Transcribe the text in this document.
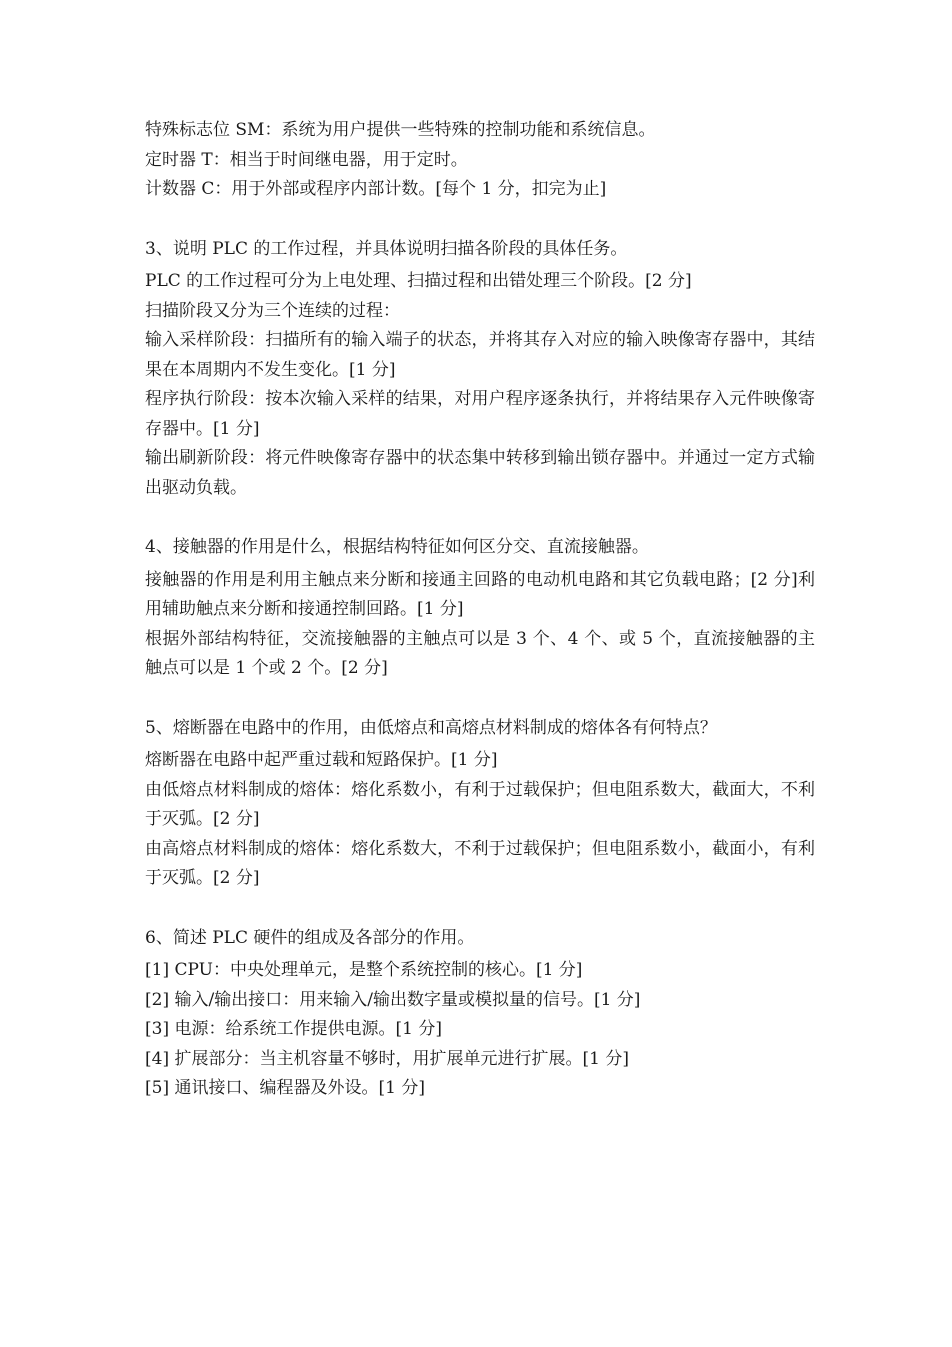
特殊标志位 SM：系统为用户提供一些特殊的控制功能和系统信息。

定时器 T：相当于时间继电器，用于定时。

计数器 C：用于外部或程序内部计数。[每个 1 分，扣完为止]

3、说明 PLC 的工作过程，并具体说明扫描各阶段的具体任务。

PLC 的工作过程可分为上电处理、扫描过程和出错处理三个阶段。[2 分]

扫描阶段又分为三个连续的过程：

输入采样阶段：扫描所有的输入端子的状态，并将其存入对应的输入映像寄存器中，其结果在本周期内不发生变化。[1 分]

程序执行阶段：按本次输入采样的结果，对用户程序逐条执行，并将结果存入元件映像寄存器中。[1 分]

输出刷新阶段：将元件映像寄存器中的状态集中转移到输出锁存器中。并通过一定方式输出驱动负载。

4、接触器的作用是什么，根据结构特征如何区分交、直流接触器。

接触器的作用是利用主触点来分断和接通主回路的电动机电路和其它负载电路；[2 分]利用辅助触点来分断和接通控制回路。[1 分]

根据外部结构特征，交流接触器的主触点可以是 3 个、4 个、或 5 个，直流接触器的主触点可以是 1 个或 2 个。[2 分]

5、熔断器在电路中的作用，由低熔点和高熔点材料制成的熔体各有何特点？

熔断器在电路中起严重过载和短路保护。[1 分]

由低熔点材料制成的熔体：熔化系数小，有利于过载保护；但电阻系数大，截面大，不利于灭弧。[2 分]

由高熔点材料制成的熔体：熔化系数大，不利于过载保护；但电阻系数小，截面小，有利于灭弧。[2 分]

6、简述 PLC 硬件的组成及各部分的作用。

[1] CPU：中央处理单元，是整个系统控制的核心。[1 分]

[2] 输入/输出接口：用来输入/输出数字量或模拟量的信号。[1 分]

[3] 电源：给系统工作提供电源。[1 分]

[4] 扩展部分：当主机容量不够时，用扩展单元进行扩展。[1 分]

[5] 通讯接口、编程器及外设。[1 分]
